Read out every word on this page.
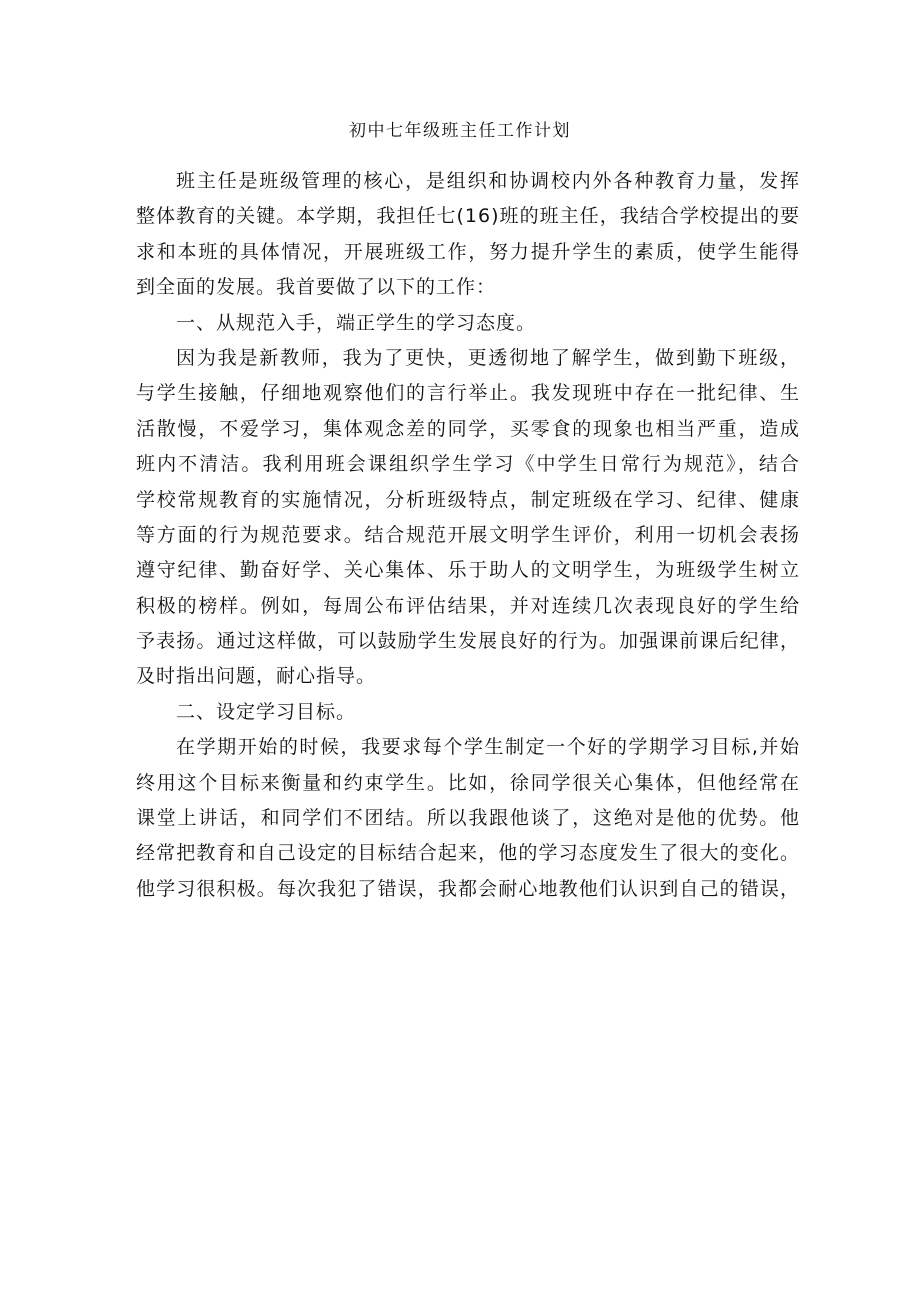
初中七年级班主任工作计划
班主任是班级管理的核心，是组织和协调校内外各种教育力量，发挥
整体教育的关键。本学期，我担任七(16)班的班主任，我结合学校提出的要
求和本班的具体情况，开展班级工作，努力提升学生的素质，使学生能得
到全面的发展。我首要做了以下的工作：
一、从规范入手，端正学生的学习态度。
因为我是新教师，我为了更快，更透彻地了解学生，做到勤下班级，
与学生接触，仔细地观察他们的言行举止。我发现班中存在一批纪律、生
活散慢，不爱学习，集体观念差的同学，买零食的现象也相当严重，造成
班内不清洁。我利用班会课组织学生学习《中学生日常行为规范》，结合
学校常规教育的实施情况，分析班级特点，制定班级在学习、纪律、健康
等方面的行为规范要求。结合规范开展文明学生评价，利用一切机会表扬
遵守纪律、勤奋好学、关心集体、乐于助人的文明学生，为班级学生树立
积极的榜样。例如，每周公布评估结果，并对连续几次表现良好的学生给
予表扬。通过这样做，可以鼓励学生发展良好的行为。加强课前课后纪律，
及时指出问题，耐心指导。
二、设定学习目标。
在学期开始的时候，我要求每个学生制定一个好的学期学习目标,并始
终用这个目标来衡量和约束学生。比如，徐同学很关心集体，但他经常在
课堂上讲话，和同学们不团结。所以我跟他谈了，这绝对是他的优势。他
经常把教育和自己设定的目标结合起来，他的学习态度发生了很大的变化。
他学习很积极。每次我犯了错误，我都会耐心地教他们认识到自己的错误，
